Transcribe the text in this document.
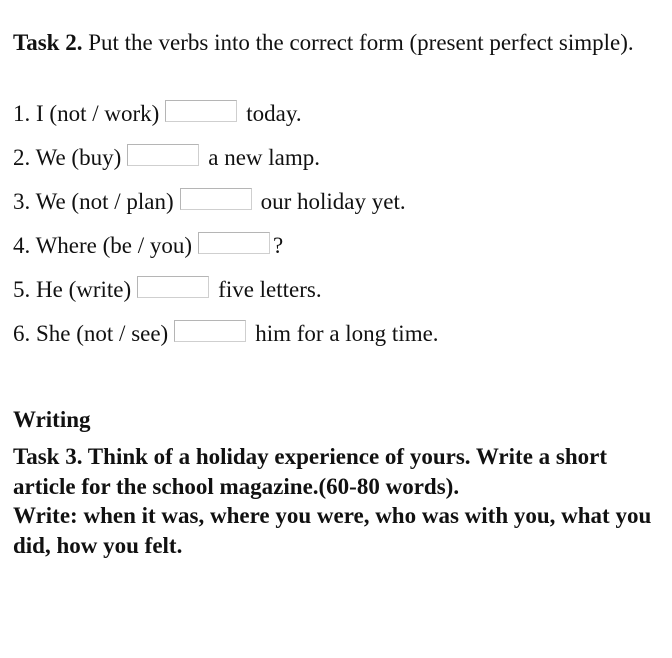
Task 2. Put the verbs into the correct form (present perfect simple).
1. I (not / work)	today.
2. We (buy)	a new lamp.
3. We (not / plan)	our holiday yet.
4. Where (be / you)	?
5. He (write)	five letters.
6. She (not / see)	him for a long time.
Writing

Task 3. Think of a holiday experience of yours. Write a short article for the school magazine.(60-80 words).

Write: when it was, where you were, who was with you, what you did, how you felt.
